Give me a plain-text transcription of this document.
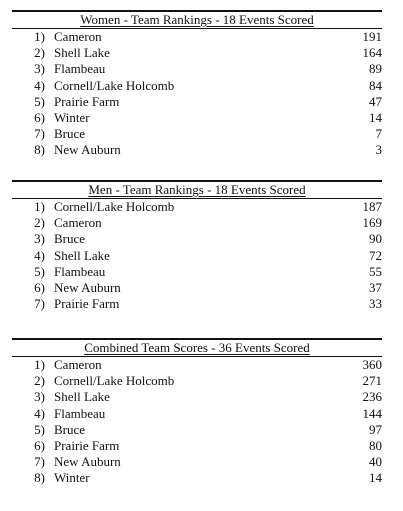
Women - Team Rankings - 18 Events Scored
1) Cameron	191
2) Shell Lake	164
3) Flambeau	89
4) Cornell/Lake Holcomb	84
5) Prairie Farm	47
6) Winter	14
7) Bruce	7
8) New Auburn	3
Men - Team Rankings - 18 Events Scored
1) Cornell/Lake Holcomb	187
2) Cameron	169
3) Bruce	90
4) Shell Lake	72
5) Flambeau	55
6) New Auburn	37
7) Prairie Farm	33
Combined Team Scores - 36 Events Scored
1) Cameron	360
2) Cornell/Lake Holcomb	271
3) Shell Lake	236
4) Flambeau	144
5) Bruce	97
6) Prairie Farm	80
7) New Auburn	40
8) Winter	14
